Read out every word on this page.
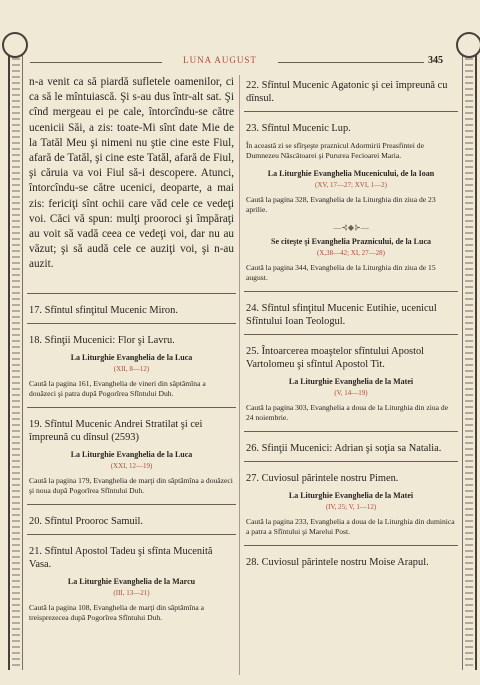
LUNA AUGUST	345

n-a venit ca să piardă sufletele oamenilor, ci ca să le mîntuiască. Şi s-au dus într-alt sat. Şi cînd mergeau ei pe cale, întorcîndu-se către ucenicii Săi, a zis: toate-Mi sînt date Mie de la Tatăl Meu şi nimeni nu ştie cine este Fiul, afară de Tatăl, şi cine este Tatăl, afară de Fiul, şi căruia va voi Fiul să-i descopere. Atunci, întorcîndu-se către ucenici, deoparte, a mai zis: fericiţi sînt ochii care văd cele ce vedeţi voi. Căci vă spun: mulţi prooroci şi împăraţi au voit să vadă ceea ce vedeţi voi, dar nu au văzut; şi să audă cele ce auziţi voi, şi n-au auzit.

17. Sfîntul sfinţitul Mucenic Miron.
18. Sfinţii Mucenici: Flor şi Lavru.
La Liturghie Evanghelia de la Luca
(XII, 8—12)

Caută la pagina 161, Evanghelia de vineri din săptămîna a douăzeci şi patra după Pogorîrea Sfîntului Duh.

19. Sfîntul Mucenic Andrei Stratilat şi cei împreună cu dînsul (2593)
La Liturghie Evanghelia de la Luca
(XXI, 12—19)

Caută la pagina 179, Evanghelia de marţi din săptămîna a douăzeci şi noua după Pogorîrea Sfîntului Duh.

20. Sfîntul Prooroc Samuil.
21. Sfîntul Apostol Tadeu şi sfînta Mucenită Vasa.
La Liturghie Evanghelia de la Marcu
(III, 13—21)

Caută la pagina 108, Evanghelia de marţi din săptămîna a treisprezecea după Pogorîrea Sfîntului Duh.

22. Sfîntul Mucenic Agatonic şi cei împreună cu dînsul.
23. Sfîntul Mucenic Lup.

În această zi se sfîrşeşte praznicul Adormirii Preasfintei de Dumnezeu Născătoarei şi Pururea Fecioarei Maria.

La Liturghie Evanghelia Mucenicului, de la Ioan
(XV, 17—27; XVI, 1—2)

Caută la pagina 328, Evanghelia de la Liturghia din ziua de 23 aprilie.

—⊰◆⊱—
Se citeşte şi Evanghelia Praznicului, de la Luca
(X,38—42; XI, 27—28)

Caută la pagina 344, Evanghelia de la Liturghia din ziua de 15 august.

24. Sfîntul sfinţitul Mucenic Eutihie, ucenicul Sfîntului Ioan Teologul.
25. Întoarcerea moaştelor sfîntului Apostol Vartolomeu şi sfîntul Apostol Tit.
La Liturghie Evanghelia de la Matei
(V, 14—19)

Caută la pagina 303, Evanghelia a doua de la Liturghia din ziua de 24 noiembrie.

26. Sfinţii Mucenici: Adrian şi soţia sa Natalia.
27. Cuviosul părintele nostru Pimen.
La Liturghie Evanghelia de la Matei
(IV, 25; V, 1—12)

Caută la pagina 233, Evanghelia a doua de la Liturghia din duminica a patra a Sfîntului şi Marelui Post.

28. Cuviosul părintele nostru Moise Arapul.
